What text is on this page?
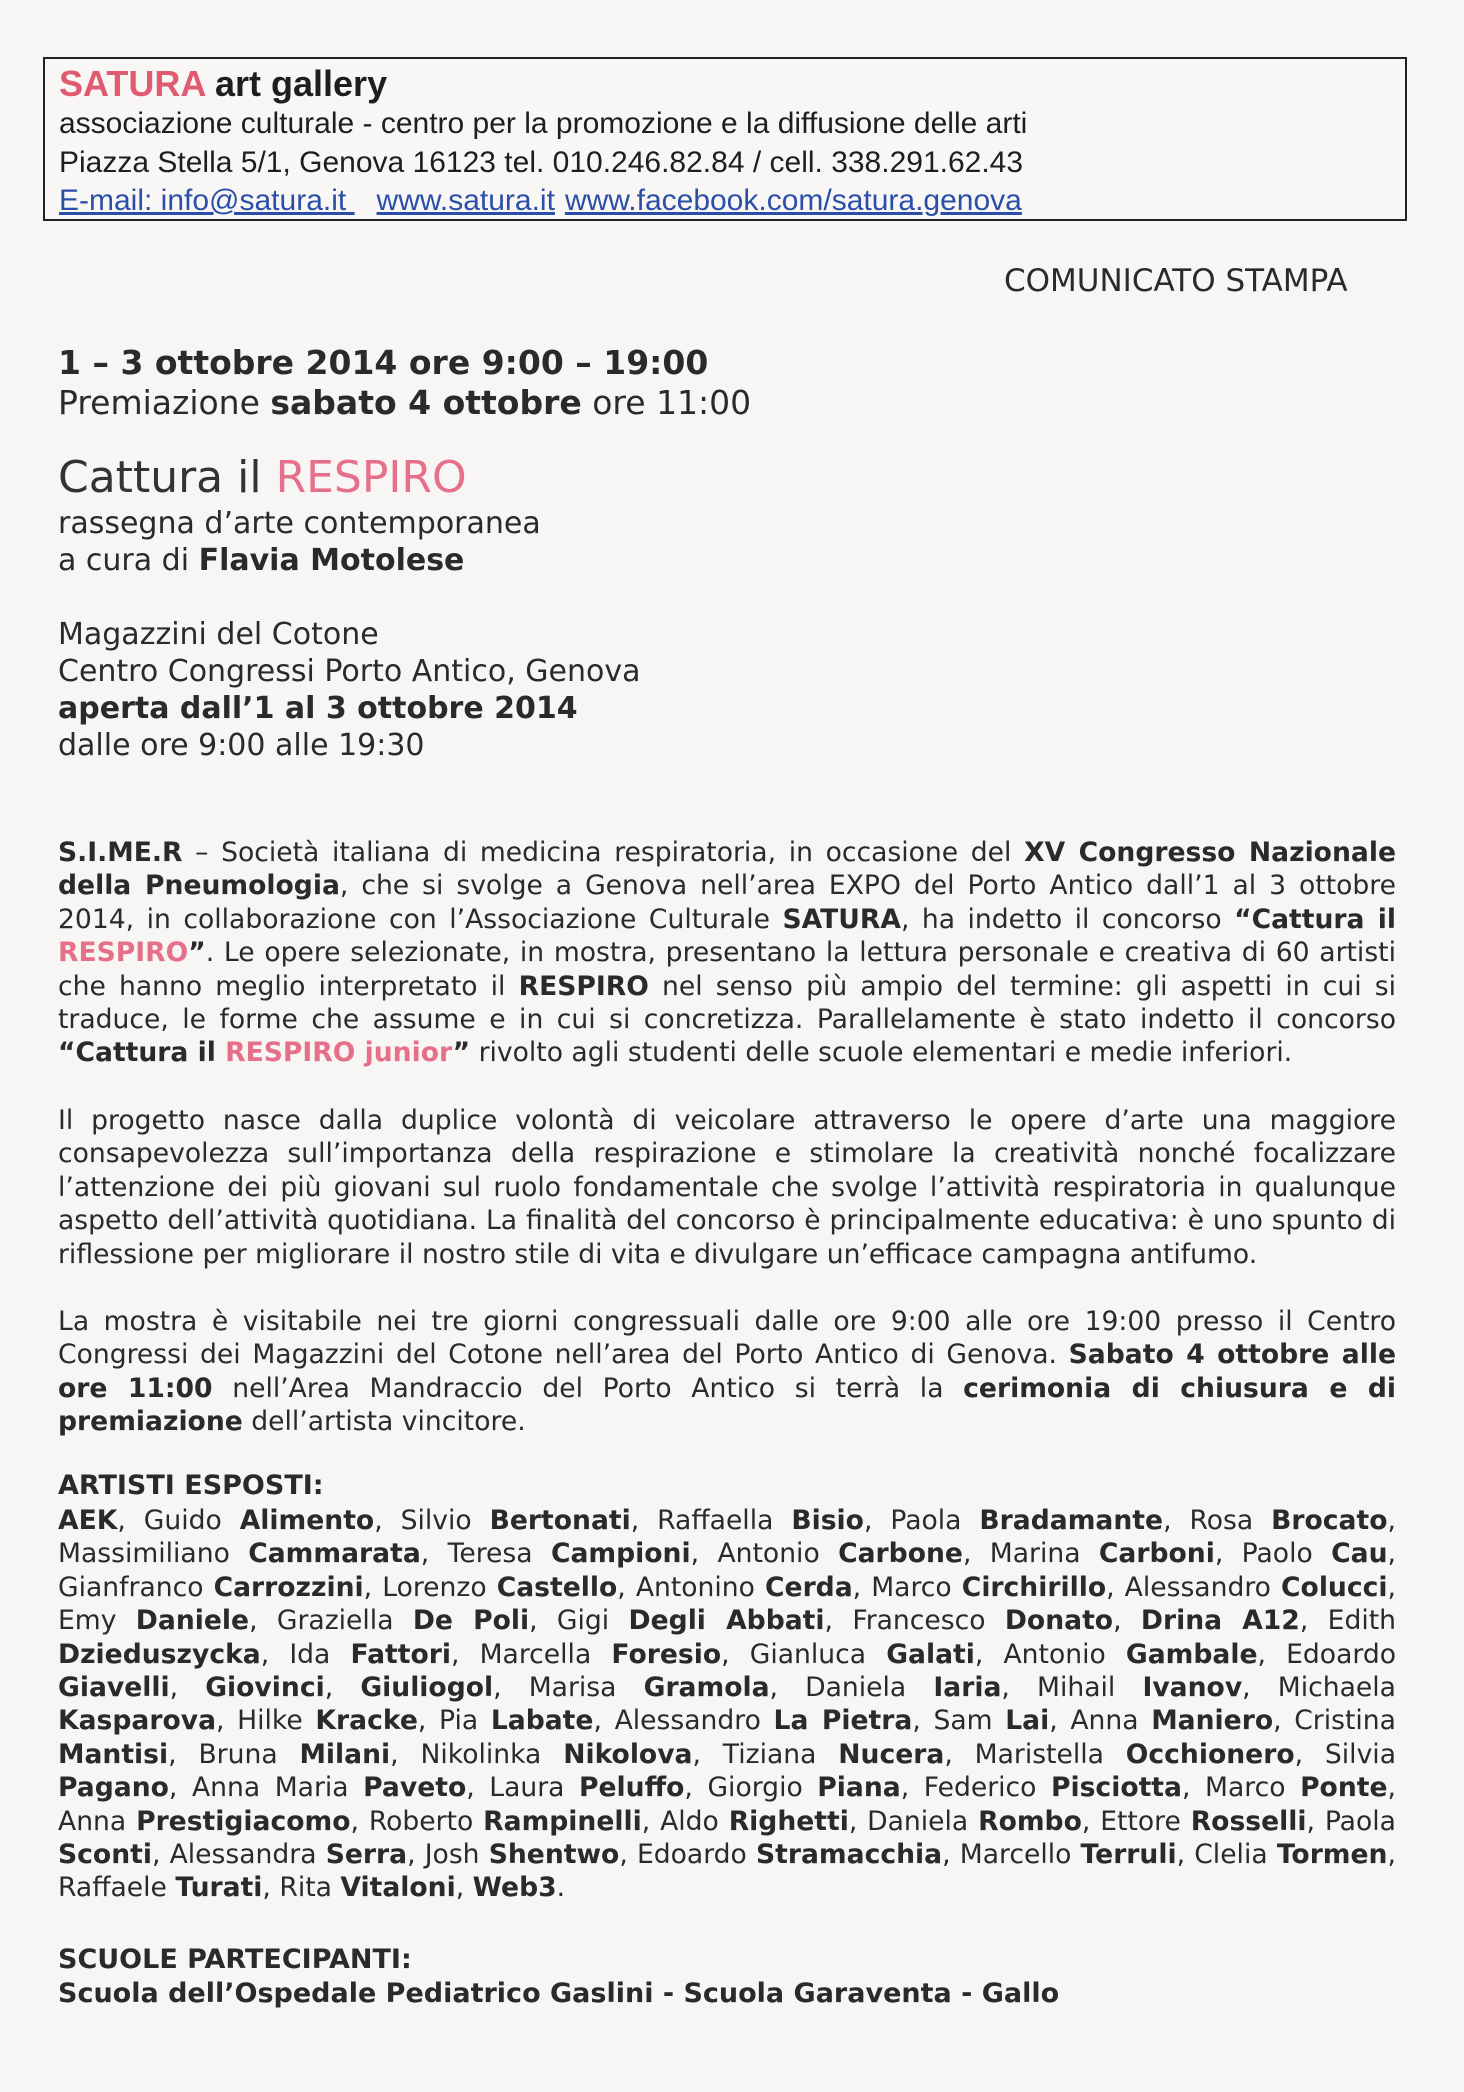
SATURA art gallery
associazione culturale - centro per la promozione e la diffusione delle arti
Piazza Stella 5/1, Genova 16123 tel. 010.246.82.84 / cell. 338.291.62.43
E-mail: info@satura.it www.satura.it www.facebook.com/satura.genova
COMUNICATO STAMPA
1 – 3 ottobre 2014 ore 9:00 – 19:00
Premiazione sabato 4 ottobre ore 11:00
Cattura il RESPIRO
rassegna d’arte contemporanea
a cura di Flavia Motolese
Magazzini del Cotone
Centro Congressi Porto Antico, Genova
aperta dall’1 al 3 ottobre 2014
dalle ore 9:00 alle 19:30
S.I.ME.R – Società italiana di medicina respiratoria, in occasione del XV Congresso Nazionale della Pneumologia, che si svolge a Genova nell’area EXPO del Porto Antico dall’1 al 3 ottobre 2014, in collaborazione con l’Associazione Culturale SATURA, ha indetto il concorso “Cattura il RESPIRO”. Le opere selezionate, in mostra, presentano la lettura personale e creativa di 60 artisti che hanno meglio interpretato il RESPIRO nel senso più ampio del termine: gli aspetti in cui si traduce, le forme che assume e in cui si concretizza. Parallelamente è stato indetto il concorso “Cattura il RESPIRO junior” rivolto agli studenti delle scuole elementari e medie inferiori.
Il progetto nasce dalla duplice volontà di veicolare attraverso le opere d’arte una maggiore consapevolezza sull’importanza della respirazione e stimolare la creatività nonché focalizzare l’attenzione dei più giovani sul ruolo fondamentale che svolge l’attività respiratoria in qualunque aspetto dell’attività quotidiana. La finalità del concorso è principalmente educativa: è uno spunto di riflessione per migliorare il nostro stile di vita e divulgare un’efficace campagna antifumo.
La mostra è visitabile nei tre giorni congressuali dalle ore 9:00 alle ore 19:00 presso il Centro Congressi dei Magazzini del Cotone nell’area del Porto Antico di Genova. Sabato 4 ottobre alle ore 11:00 nell’Area Mandraccio del Porto Antico si terrà la cerimonia di chiusura e di premiazione dell’artista vincitore.
ARTISTI ESPOSTI:
AEK, Guido Alimento, Silvio Bertonati, Raffaella Bisio, Paola Bradamante, Rosa Brocato, Massimiliano Cammarata, Teresa Campioni, Antonio Carbone, Marina Carboni, Paolo Cau, Gianfranco Carrozzini, Lorenzo Castello, Antonino Cerda, Marco Circhirillo, Alessandro Colucci, Emy Daniele, Graziella De Poli, Gigi Degli Abbati, Francesco Donato, Drina A12, Edith Dzieduszycka, Ida Fattori, Marcella Foresio, Gianluca Galati, Antonio Gambale, Edoardo Giavelli, Giovinci, Giuliogol, Marisa Gramola, Daniela Iaria, Mihail Ivanov, Michaela Kasparova, Hilke Kracke, Pia Labate, Alessandro La Pietra, Sam Lai, Anna Maniero, Cristina Mantisi, Bruna Milani, Nikolinka Nikolova, Tiziana Nucera, Maristella Occhionero, Silvia Pagano, Anna Maria Paveto, Laura Peluffo, Giorgio Piana, Federico Pisciotta, Marco Ponte, Anna Prestigiacomo, Roberto Rampinelli, Aldo Righetti, Daniela Rombo, Ettore Rosselli, Paola Sconti, Alessandra Serra, Josh Shentwo, Edoardo Stramacchia, Marcello Terruli, Clelia Tormen, Raffaele Turati, Rita Vitaloni, Web3.
SCUOLE PARTECIPANTI:
Scuola dell’Ospedale Pediatrico Gaslini - Scuola Garaventa - Gallo
